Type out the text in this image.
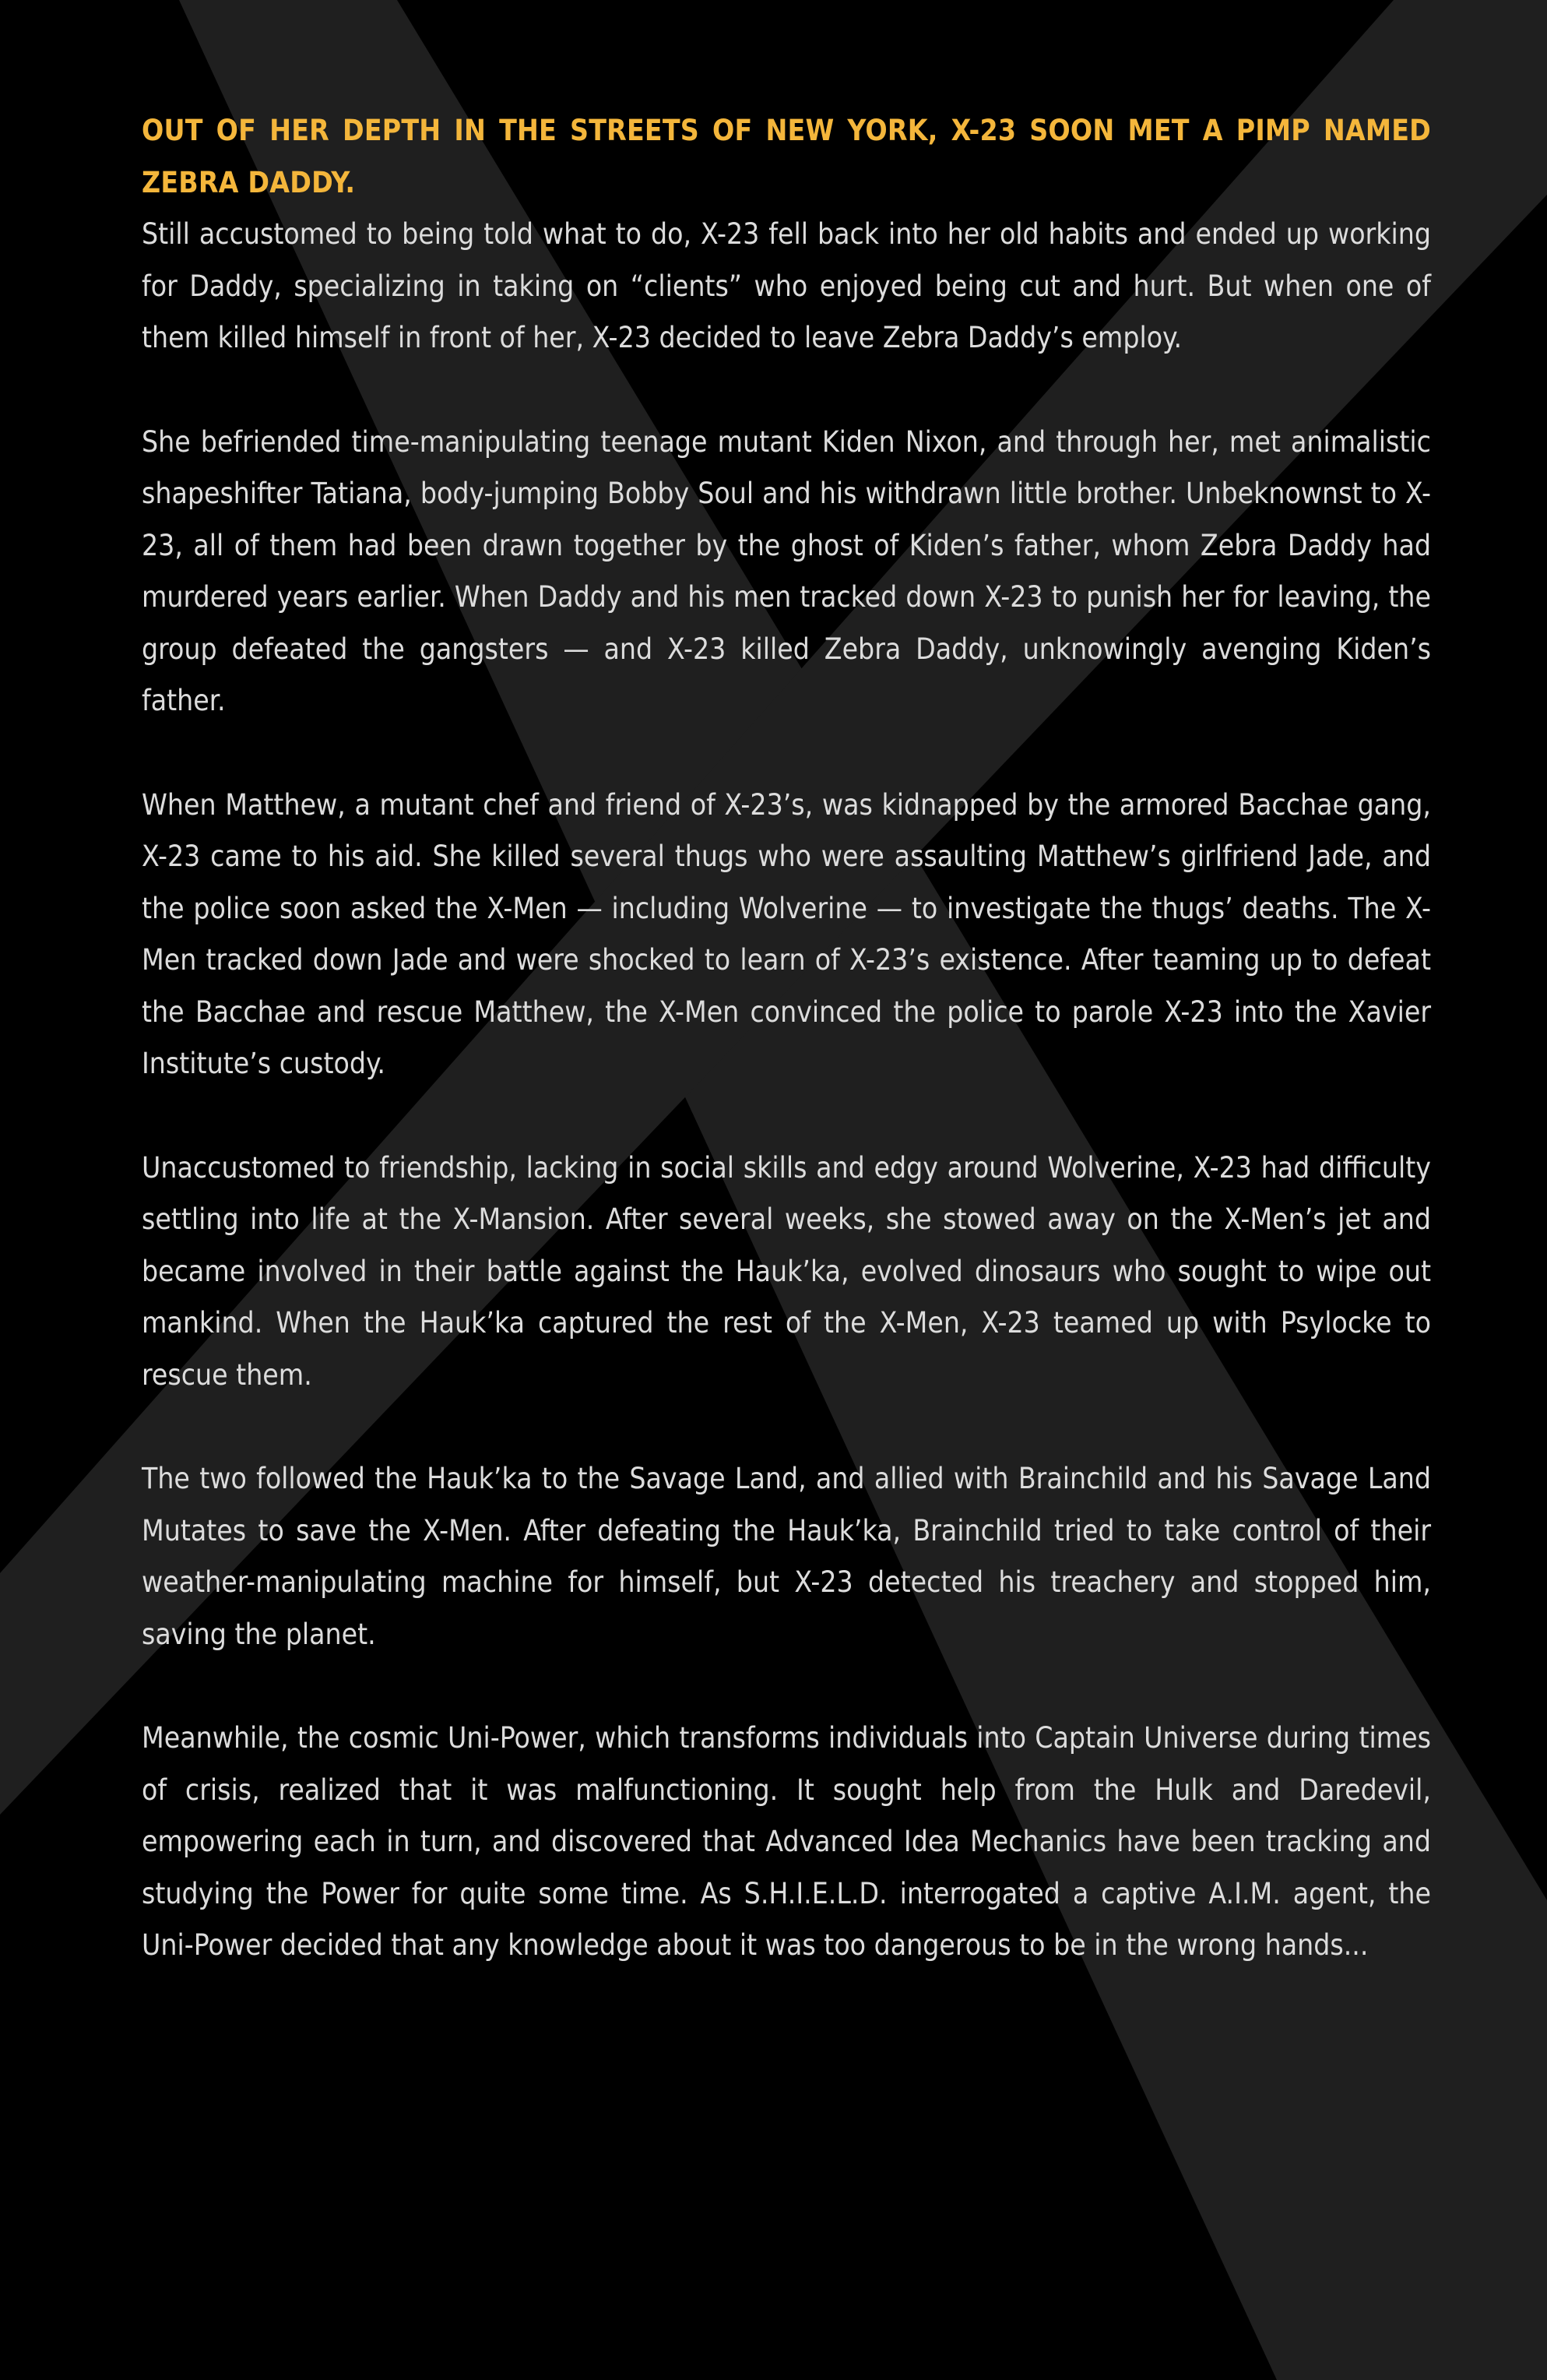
OUT OF HER DEPTH IN THE STREETS OF NEW YORK, X-23 SOON MET A PIMP NAMED ZEBRA DADDY.
Still accustomed to being told what to do, X-23 fell back into her old habits and ended up working for Daddy, specializing in taking on “clients” who enjoyed being cut and hurt. But when one of them killed himself in front of her, X-23 decided to leave Zebra Daddy’s employ.

She befriended time-manipulating teenage mutant Kiden Nixon, and through her, met animalistic shapeshifter Tatiana, body-jumping Bobby Soul and his withdrawn little brother. Unbeknownst to X-23, all of them had been drawn together by the ghost of Kiden’s father, whom Zebra Daddy had murdered years earlier. When Daddy and his men tracked down X-23 to punish her for leaving, the group defeated the gangsters — and X-23 killed Zebra Daddy, unknowingly avenging Kiden’s father.

When Matthew, a mutant chef and friend of X-23’s, was kidnapped by the armored Bacchae gang, X-23 came to his aid. She killed several thugs who were assaulting Matthew’s girlfriend Jade, and the police soon asked the X-Men — including Wolverine — to investigate the thugs’ deaths. The X-Men tracked down Jade and were shocked to learn of X-23’s existence. After teaming up to defeat the Bacchae and rescue Matthew, the X-Men convinced the police to parole X-23 into the Xavier Institute’s custody.

Unaccustomed to friendship, lacking in social skills and edgy around Wolverine, X-23 had difficulty settling into life at the X-Mansion. After several weeks, she stowed away on the X-Men’s jet and became involved in their battle against the Hauk’ka, evolved dinosaurs who sought to wipe out mankind. When the Hauk’ka captured the rest of the X-Men, X-23 teamed up with Psylocke to rescue them.

The two followed the Hauk’ka to the Savage Land, and allied with Brainchild and his Savage Land Mutates to save the X-Men. After defeating the Hauk’ka, Brainchild tried to take control of their weather-manipulating machine for himself, but X-23 detected his treachery and stopped him, saving the planet.

Meanwhile, the cosmic Uni-Power, which transforms individuals into Captain Universe during times of crisis, realized that it was malfunctioning. It sought help from the Hulk and Daredevil, empowering each in turn, and discovered that Advanced Idea Mechanics have been tracking and studying the Power for quite some time. As S.H.I.E.L.D. interrogated a captive A.I.M. agent, the Uni-Power decided that any knowledge about it was too dangerous to be in the wrong hands...
